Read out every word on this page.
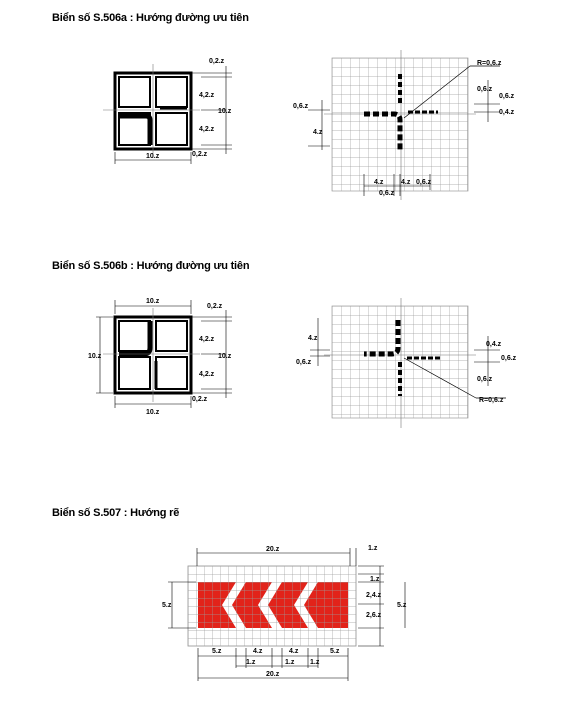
Biển số S.506a : Hướng đường ưu tiên
Biển số S.506b : Hướng đường ưu tiên
Biển số S.507 : Hướng rẽ
0,2.z
4,2.z
10.z
4,2.z
10.z	0,2.z
R=0,6.z
0,6.z
0,6.z
0,4.z
0,6.z
4.z
4.z	4.z 0,6.z
0,6.z
10.z
0,2.z
4,2.z
10.z
4,2.z
10.z
10.z
0,2.z
4.z
0,6.z
0,4.z
0,6.z
0,6.z
R=0,6.z
20.z	1.z
5.z
1.z
2,4.z
2,6.z
5.z
5.z	4.z	4.z	5.z
1.z	1.z 1.z
20.z
